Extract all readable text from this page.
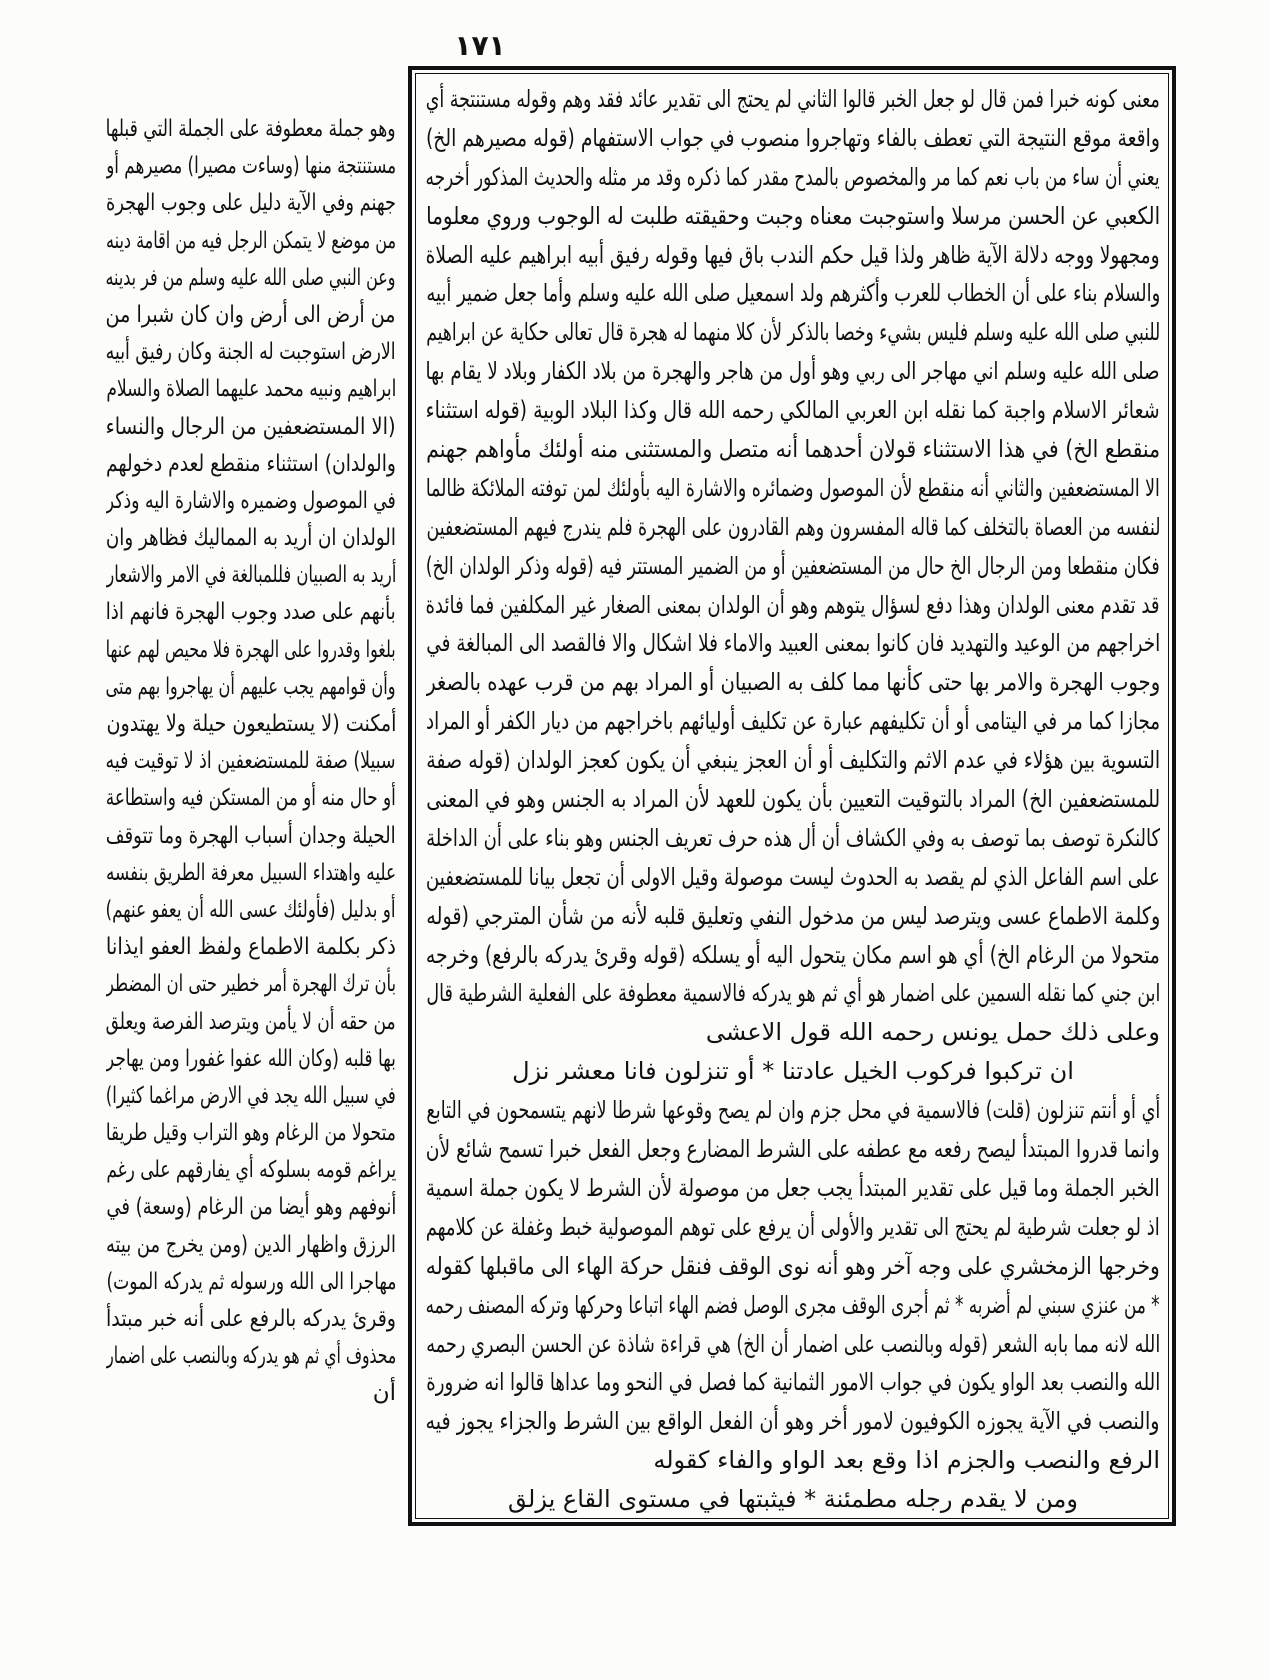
١٧١
معنى كونه خبرا فمن قال لو جعل الخبر قالوا الثاني لم يحتج الى تقدير عائد فقد وهم وقوله مستنتجة أي
واقعة موقع النتيجة التي تعطف بالفاء وتهاجروا منصوب في جواب الاستفهام (قوله مصيرهم الخ)
يعني أن ساء من باب نعم كما مر والمخصوص بالمدح مقدر كما ذكره وقد مر مثله والحديث المذكور أخرجه
الكعبي عن الحسن مرسلا واستوجبت معناه وجبت وحقيقته طلبت له الوجوب وروي معلوما
ومجهولا ووجه دلالة الآية ظاهر ولذا قيل حكم الندب باق فيها وقوله رفيق أبيه ابراهيم عليه الصلاة
والسلام بناء على أن الخطاب للعرب وأكثرهم ولد اسمعيل صلى الله عليه وسلم وأما جعل ضمير أبيه
للنبي صلى الله عليه وسلم فليس بشيء وخصا بالذكر لأن كلا منهما له هجرة قال تعالى حكاية عن ابراهيم
صلى الله عليه وسلم اني مهاجر الى ربي وهو أول من هاجر والهجرة من بلاد الكفار وبلاد لا يقام بها
شعائر الاسلام واجبة كما نقله ابن العربي المالكي رحمه الله قال وكذا البلاد الوبية (قوله استثناء
منقطع الخ) في هذا الاستثناء قولان أحدهما أنه متصل والمستثنى منه أولئك مأواهم جهنم
الا المستضعفين والثاني أنه منقطع لأن الموصول وضمائره والاشارة اليه بأولئك لمن توفته الملائكة ظالما
لنفسه من العصاة بالتخلف كما قاله المفسرون وهم القادرون على الهجرة فلم يندرج فيهم المستضعفين
فكان منقطعا ومن الرجال الخ حال من المستضعفين أو من الضمير المستتر فيه (قوله وذكر الولدان الخ)
قد تقدم معنى الولدان وهذا دفع لسؤال يتوهم وهو أن الولدان بمعنى الصغار غير المكلفين فما فائدة
اخراجهم من الوعيد والتهديد فان كانوا بمعنى العبيد والاماء فلا اشكال والا فالقصد الى المبالغة في
وجوب الهجرة والامر بها حتى كأنها مما كلف به الصبيان أو المراد بهم من قرب عهده بالصغر
مجازا كما مر في اليتامى أو أن تكليفهم عبارة عن تكليف أوليائهم باخراجهم من ديار الكفر أو المراد
التسوية بين هؤلاء في عدم الاثم والتكليف أو أن العجز ينبغي أن يكون كعجز الولدان (قوله صفة
للمستضعفين الخ) المراد بالتوقيت التعيين بأن يكون للعهد لأن المراد به الجنس وهو في المعنى
كالنكرة توصف بما توصف به وفي الكشاف أن أل هذه حرف تعريف الجنس وهو بناء على أن الداخلة
على اسم الفاعل الذي لم يقصد به الحدوث ليست موصولة وقيل الاولى أن تجعل بيانا للمستضعفين
وكلمة الاطماع عسى ويترصد ليس من مدخول النفي وتعليق قلبه لأنه من شأن المترجي (قوله
متحولا من الرغام الخ) أي هو اسم مكان يتحول اليه أو يسلكه (قوله وقرئ يدركه بالرفع) وخرجه
ابن جني كما نقله السمين على اضمار هو أي ثم هو يدركه فالاسمية معطوفة على الفعلية الشرطية قال
وعلى ذلك حمل يونس رحمه الله قول الاعشى
ان تركبوا فركوب الخيل عادتنا * أو تنزلون فانا معشر نزل
أي أو أنتم تنزلون (قلت) فالاسمية في محل جزم وان لم يصح وقوعها شرطا لانهم يتسمحون في التابع
وانما قدروا المبتدأ ليصح رفعه مع عطفه على الشرط المضارع وجعل الفعل خبرا تسمح شائع لأن
الخبر الجملة وما قيل على تقدير المبتدأ يجب جعل من موصولة لأن الشرط لا يكون جملة اسمية
اذ لو جعلت شرطية لم يحتج الى تقدير والأولى أن يرفع على توهم الموصولية خبط وغفلة عن كلامهم
وخرجها الزمخشري على وجه آخر وهو أنه نوى الوقف فنقل حركة الهاء الى ماقبلها كقوله
* من عنزي سبني لم أضربه * ثم أجرى الوقف مجرى الوصل فضم الهاء اتباعا وحركها وتركه المصنف رحمه
الله لانه مما بابه الشعر (قوله وبالنصب على اضمار أن الخ) هي قراءة شاذة عن الحسن البصري رحمه
الله والنصب بعد الواو يكون في جواب الامور الثمانية كما فصل في النحو وما عداها قالوا انه ضرورة
والنصب في الآية يجوزه الكوفيون لامور أخر وهو أن الفعل الواقع بين الشرط والجزاء يجوز فيه
الرفع والنصب والجزم اذا وقع بعد الواو والفاء كقوله
ومن لا يقدم رجله مطمئنة * فيثبتها في مستوى القاع يزلق
وهو جملة معطوفة على الجملة التي قبلها
مستنتجة منها (وساءت مصيرا) مصيرهم أو
جهنم وفي الآية دليل على وجوب الهجرة
من موضع لا يتمكن الرجل فيه من اقامة دينه
وعن النبي صلى الله عليه وسلم من فر بدينه
من أرض الى أرض وان كان شبرا من
الارض استوجبت له الجنة وكان رفيق أبيه
ابراهيم ونبيه محمد عليهما الصلاة والسلام
(الا المستضعفين من الرجال والنساء
والولدان) استثناء منقطع لعدم دخولهم
في الموصول وضميره والاشارة اليه وذكر
الولدان ان أريد به المماليك فظاهر وان
أريد به الصبيان فللمبالغة في الامر والاشعار
بأنهم على صدد وجوب الهجرة فانهم اذا
بلغوا وقدروا على الهجرة فلا محيص لهم عنها
وأن قوامهم يجب عليهم أن يهاجروا بهم متى
أمكنت (لا يستطيعون حيلة ولا يهتدون
سبيلا) صفة للمستضعفين اذ لا توقيت فيه
أو حال منه أو من المستكن فيه واستطاعة
الحيلة وجدان أسباب الهجرة وما تتوقف
عليه واهتداء السبيل معرفة الطريق بنفسه
أو بدليل (فأولئك عسى الله أن يعفو عنهم)
ذكر بكلمة الاطماع ولفظ العفو ايذانا
بأن ترك الهجرة أمر خطير حتى ان المضطر
من حقه أن لا يأمن ويترصد الفرصة ويعلق
بها قلبه (وكان الله عفوا غفورا ومن يهاجر
في سبيل الله يجد في الارض مراغما كثيرا)
متحولا من الرغام وهو التراب وقيل طريقا
يراغم قومه بسلوكه أي يفارقهم على رغم
أنوفهم وهو أيضا من الرغام (وسعة) في
الرزق واظهار الدين (ومن يخرج من بيته
مهاجرا الى الله ورسوله ثم يدركه الموت)
وقرئ يدركه بالرفع على أنه خبر مبتدأ
محذوف أي ثم هو يدركه وبالنصب على اضمار
أن
